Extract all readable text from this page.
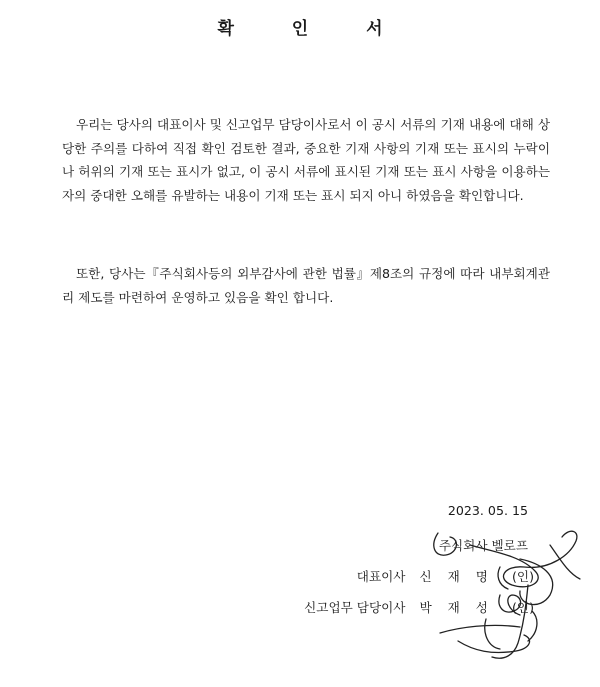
확 인 서

우리는 당사의 대표이사 및 신고업무 담당이사로서 이 공시 서류의 기재 내용에 대해 상당한 주의를 다하여 직접 확인 검토한 결과, 중요한 기재 사항의 기재 또는 표시의 누락이나 허위의 기재 또는 표시가 없고, 이 공시 서류에 표시된 기재 또는 표시 사항을 이용하는 자의 중대한 오해를 유발하는 내용이 기재 또는 표시 되지 아니 하였음을 확인합니다.

또한, 당사는『주식회사등의 외부감사에 관한 법률』제8조의 규정에 따라 내부회계관리 제도를 마련하여 운영하고 있음을 확인 합니다.

2023. 05. 15
주식회사 벨로프
대표이사 신 재 명 (인)
신고업무 담당이사 박 재 성 (인)
